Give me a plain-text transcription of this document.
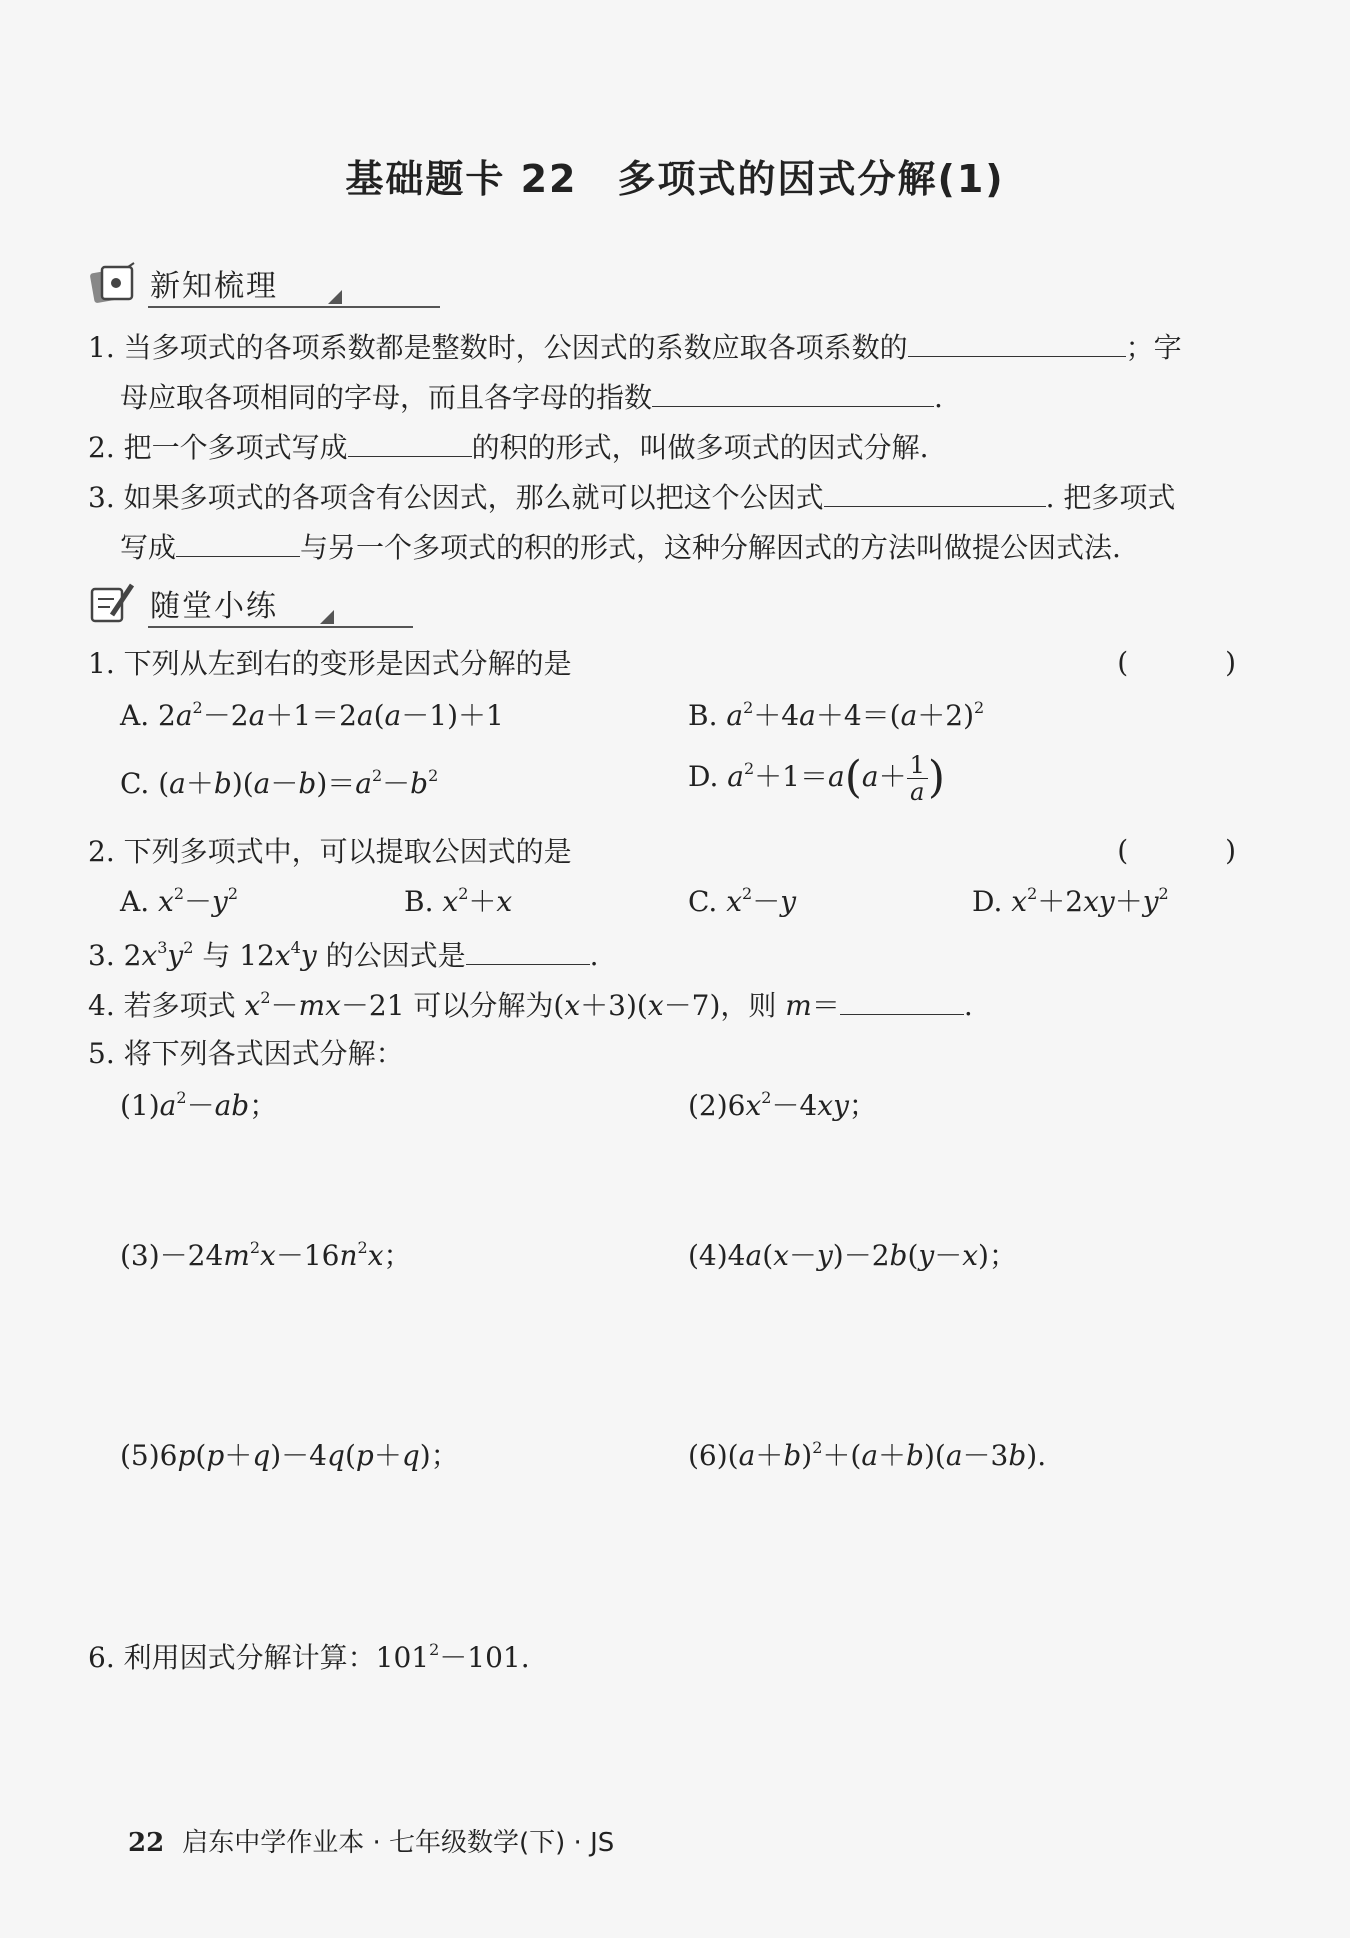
基础题卡 22　多项式的因式分解(1)
新知梳理
1. 当多项式的各项系数都是整数时，公因式的系数应取各项系数的	；字
母应取各项相同的字母，而且各字母的指数	.
2. 把一个多项式写成	的积的形式，叫做多项式的因式分解.
3. 如果多项式的各项含有公因式，那么就可以把这个公因式	. 把多项式
写成	与另一个多项式的积的形式，这种分解因式的方法叫做提公因式法.
随堂小练
1. 下列从左到右的变形是因式分解的是	( )
A. $2a^2-2a+1=2a(a-1)+1$	B. $a^2+4a+4=(a+2)^2$
C. $(a+b)(a-b)=a^2-b^2$	D. $a^2+1=a(a+ \frac{1}{a}$ )
2. 下列多项式中，可以提取公因式的是	( )
A. $x^2-y^2$	B. $x^2+x$	C. $x^2-y$	D. $x^2+2xy+y^2$
3. $2x^3y^2$ 与 $12x^4y$ 的公因式是	.
4. 若多项式 $x^2-mx-21$ 可以分解为(x＋3)(x－7)，则 m＝	.
5. 将下列各式因式分解：
$(1)a^2-ab$；	$(2)6x^2-4xy$；
$(3)-24m^2x-16n^2x$；	(4)4a(x－y)－2b(y－x)；
(5)6p(p＋q)－4q(p＋q)；	$(6)(a+b)^2+(a+b)(a-3b)$.
6. 利用因式分解计算：$101^2-101$.
22 启东中学作业本 · 七年级数学(下) · JS
